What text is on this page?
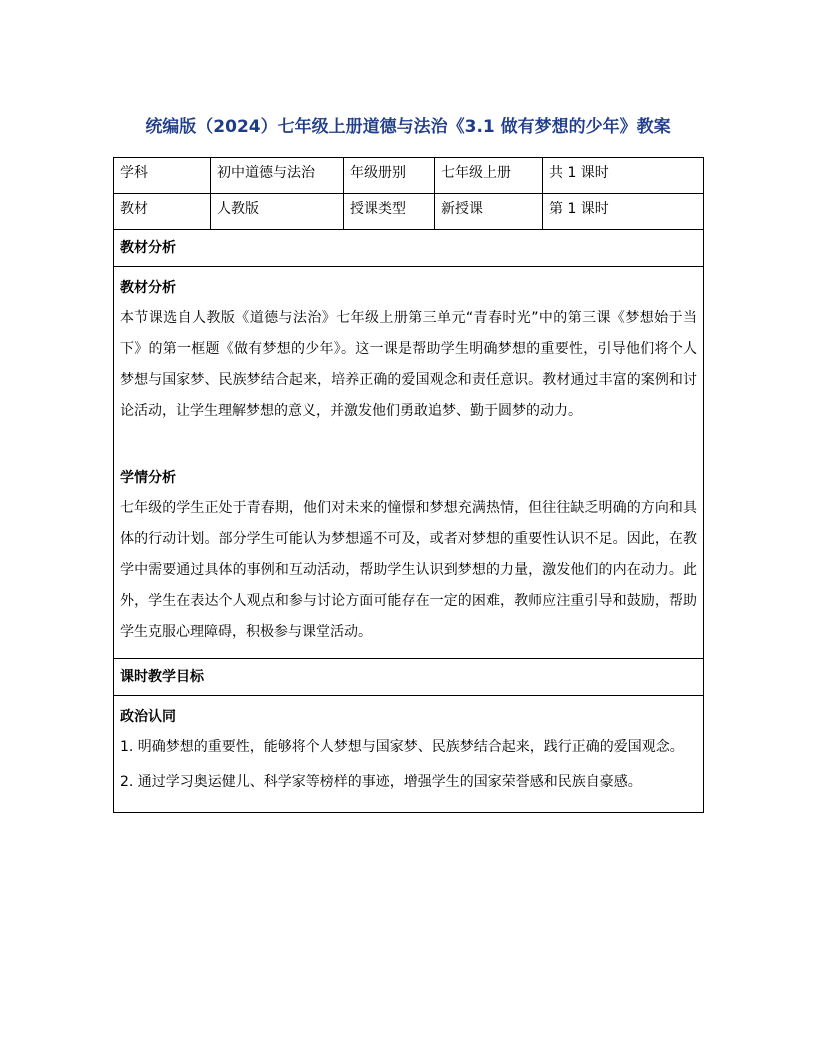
统编版（2024）七年级上册道德与法治《3.1 做有梦想的少年》教案
学科	初中道德与法治	年级册别	七年级上册	共 1 课时
教材	人教版	授课类型	新授课	第 1 课时

教材分析				

教材分析

本节课选自人教版《道德与法治》七年级上册第三单元“青春时光”中的第三课《梦想始于当下》的第一框题《做有梦想的少年》。这一课是帮助学生明确梦想的重要性，引导他们将个人梦想与国家梦、民族梦结合起来，培养正确的爱国观念和责任意识。教材通过丰富的案例和讨论活动，让学生理解梦想的意义，并激发他们勇敢追梦、勤于圆梦的动力。

学情分析

七年级的学生正处于青春期，他们对未来的憧憬和梦想充满热情，但往往缺乏明确的方向和具体的行动计划。部分学生可能认为梦想遥不可及，或者对梦想的重要性认识不足。因此，在教学中需要通过具体的事例和互动活动，帮助学生认识到梦想的力量，激发他们的内在动力。此外，学生在表达个人观点和参与讨论方面可能存在一定的困难，教师应注重引导和鼓励，帮助学生克服心理障碍，积极参与课堂活动。				

课时教学目标				

政治认同

1. 明确梦想的重要性，能够将个人梦想与国家梦、民族梦结合起来，践行正确的爱国观念。

2. 通过学习奥运健儿、科学家等榜样的事迹，增强学生的国家荣誉感和民族自豪感。				
